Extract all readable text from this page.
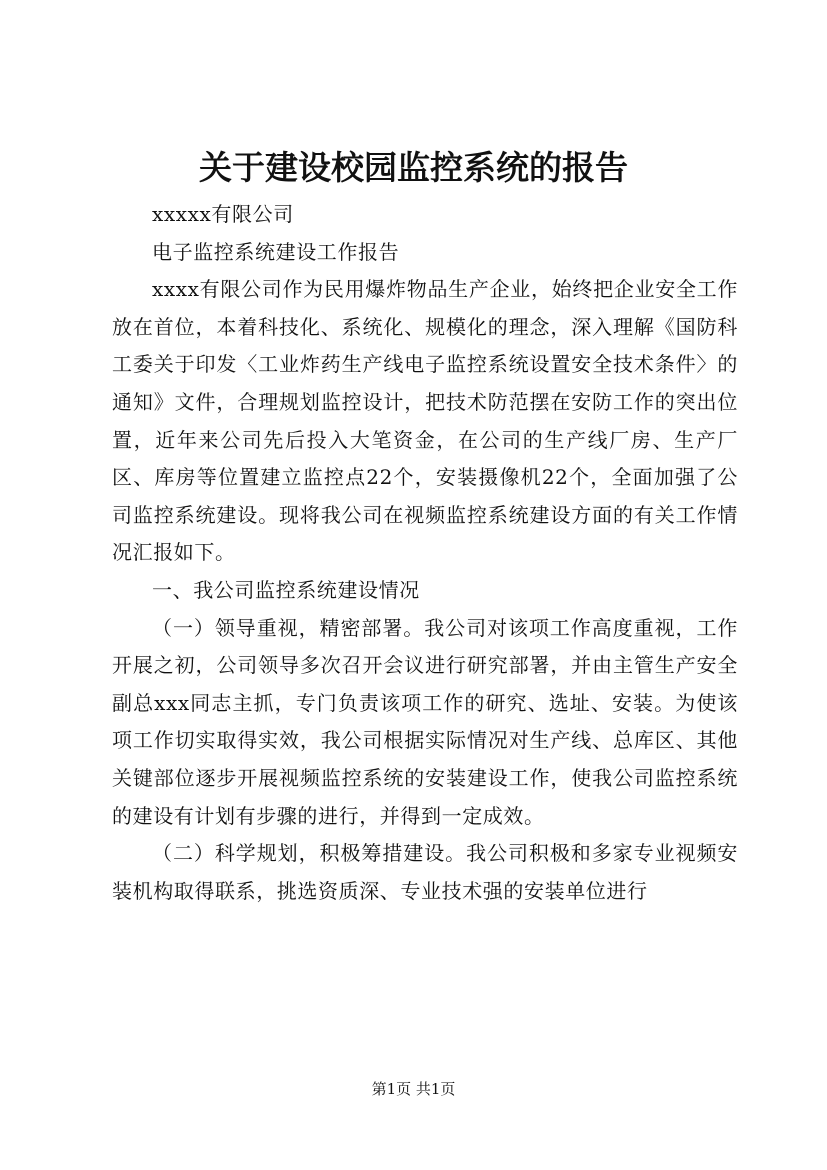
关于建设校园监控系统的报告

xxxxx有限公司

电子监控系统建设工作报告

xxxx有限公司作为民用爆炸物品生产企业，始终把企业安全工作放在首位，本着科技化、系统化、规模化的理念，深入理解《国防科工委关于印发〈工业炸药生产线电子监控系统设置安全技术条件〉的通知》文件，合理规划监控设计，把技术防范摆在安防工作的突出位置，近年来公司先后投入大笔资金，在公司的生产线厂房、生产厂区、库房等位置建立监控点22个，安装摄像机22个，全面加强了公司监控系统建设。现将我公司在视频监控系统建设方面的有关工作情况汇报如下。

一、我公司监控系统建设情况

（一）领导重视，精密部署。我公司对该项工作高度重视，工作开展之初，公司领导多次召开会议进行研究部署，并由主管生产安全副总xxx同志主抓，专门负责该项工作的研究、选址、安装。为使该项工作切实取得实效，我公司根据实际情况对生产线、总库区、其他关键部位逐步开展视频监控系统的安装建设工作，使我公司监控系统的建设有计划有步骤的进行，并得到一定成效。

（二）科学规划，积极筹措建设。我公司积极和多家专业视频安装机构取得联系，挑选资质深、专业技术强的安装单位进行

第1页 共1页
